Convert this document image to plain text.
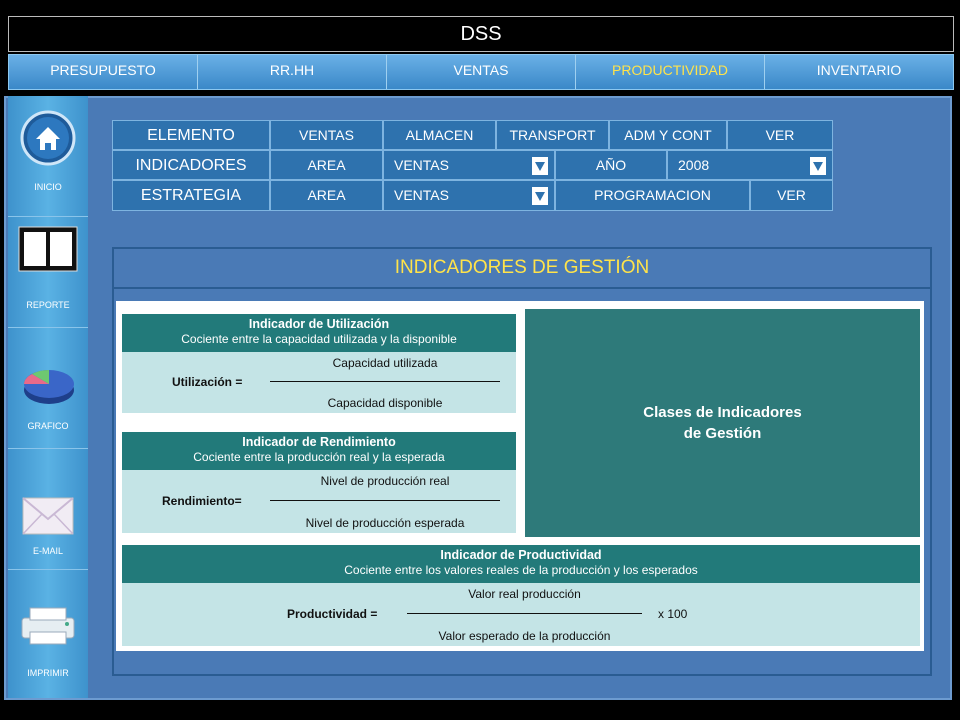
DSS
PRESUPUESTO	RR.HH	VENTAS	PRODUCTIVIDAD	INVENTARIO
INICIO
REPORTE
GRAFICO
E-MAIL
IMPRIMIR
ELEMENTO	VENTAS	ALMACEN	TRANSPORT	ADM Y CONT	VER
INDICADORES	AREA	VENTAS	AÑO	2008
ESTRATEGIA	AREA	VENTAS	PROGRAMACION	VER
INDICADORES DE GESTIÓN
Indicador de Utilización
Cociente entre la capacidad utilizada y la disponible
Utilización =
Capacidad utilizada
Capacidad disponible
Indicador de Rendimiento
Cociente entre la producción real y la esperada
Rendimiento=
Nivel de producción real
Nivel de producción esperada
Clases de Indicadores
de Gestión
Indicador de Productividad
Cociente entre los valores reales de la producción y los esperados
Productividad =
Valor real producción
Valor esperado de la producción
x 100
